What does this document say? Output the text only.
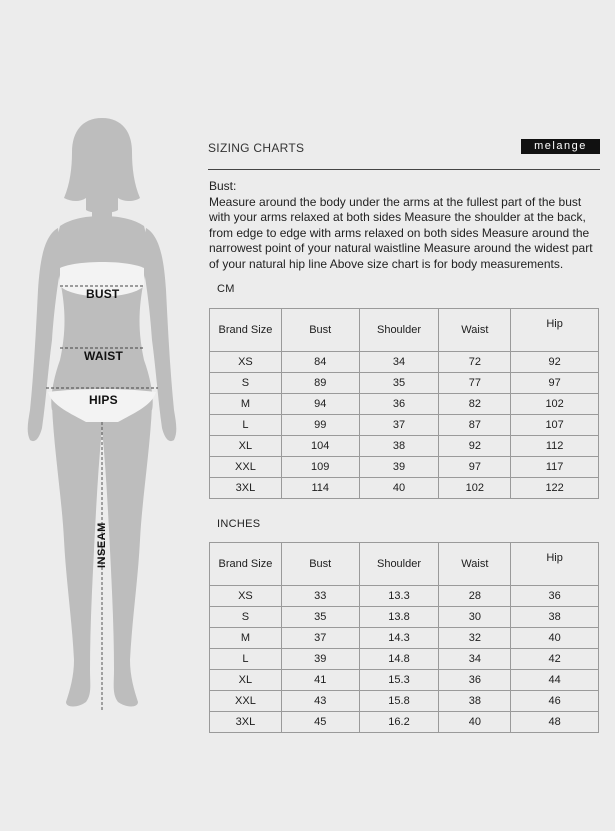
BUST
WAIST
HIPS
INSEAM
SIZING CHARTS	melange
Bust:
Measure around the body under the arms at the fullest part of the bust with your arms relaxed at both sides Measure the shoulder at the back, from edge to edge with arms relaxed on both sides Measure around the narrowest point of your natural waistline Measure around the widest part of your natural hip line Above size chart is for body measurements.
CM
Brand Size	Bust	Shoulder	Waist	Hip
XS	84	34	72	92
S	89	35	77	97
M	94	36	82	102
L	99	37	87	107
XL	104	38	92	112
XXL	109	39	97	117
3XL	114	40	102	122
INCHES
Brand Size	Bust	Shoulder	Waist	Hip
XS	33	13.3	28	36
S	35	13.8	30	38
M	37	14.3	32	40
L	39	14.8	34	42
XL	41	15.3	36	44
XXL	43	15.8	38	46
3XL	45	16.2	40	48
